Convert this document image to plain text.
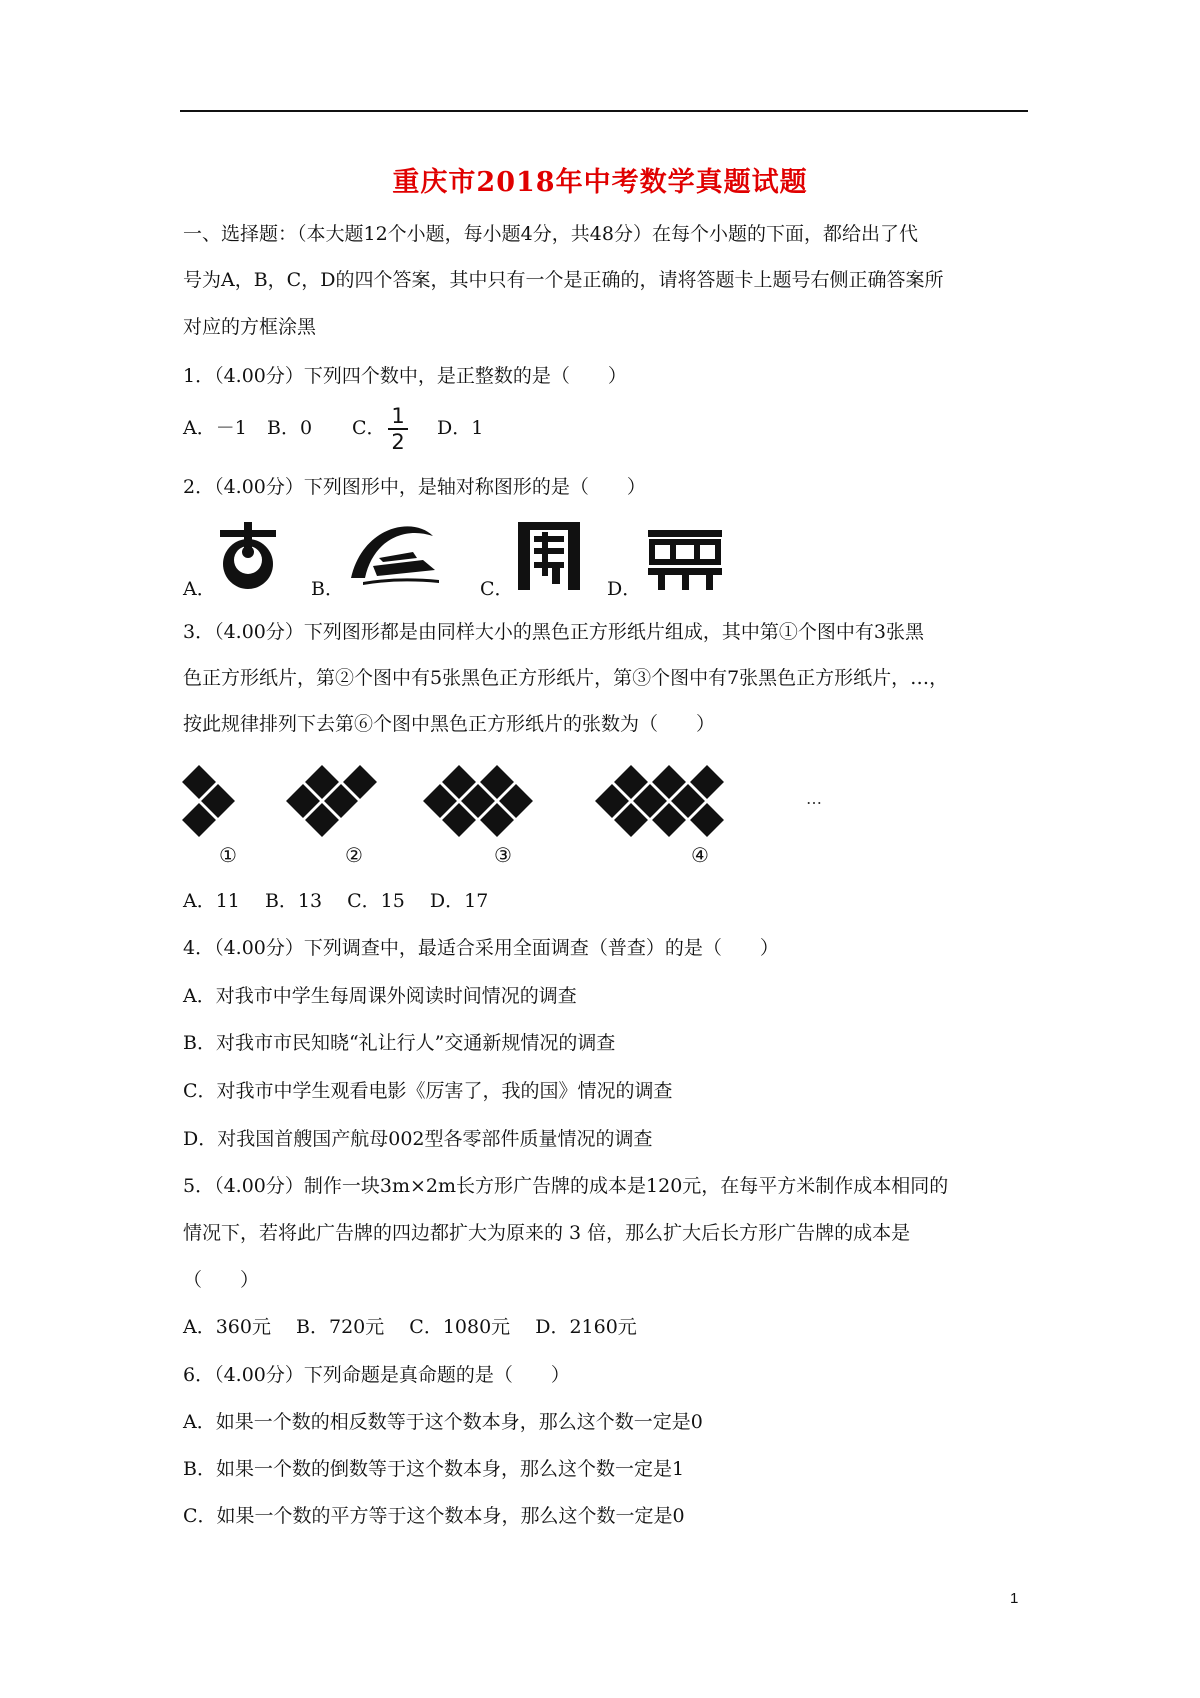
重庆市2018年中考数学真题试题
一、选择题：（本大题12个小题，每小题4分，共48分）在每个小题的下面，都给出了代
号为A，B，C，D的四个答案，其中只有一个是正确的，请将答题卡上题号右侧正确答案所
对应的方框涂黑
1．（4.00分）下列四个数中，是正整数的是（　　）
A．－1 B．0 C． 1
2
D．1
2．（4.00分）下列图形中，是轴对称图形的是（　　）
A．	B．	C．	D．
3．（4.00分）下列图形都是由同样大小的黑色正方形纸片组成，其中第①个图中有3张黑
色正方形纸片，第②个图中有5张黑色正方形纸片，第③个图中有7张黑色正方形纸片，…，
按此规律排列下去第⑥个图中黑色正方形纸片的张数为（　　）
…
①	②	③	④
A．11　 B．13　 C．15　 D．17
4．（4.00分）下列调查中，最适合采用全面调查（普查）的是（　　）
A．对我市中学生每周课外阅读时间情况的调查
B．对我市市民知晓“礼让行人”交通新规情况的调查
C．对我市中学生观看电影《厉害了，我的国》情况的调查
D．对我国首艘国产航母002型各零部件质量情况的调查
5．（4.00分）制作一块3m×2m长方形广告牌的成本是120元，在每平方米制作成本相同的
情况下，若将此广告牌的四边都扩大为原来的 3 倍，那么扩大后长方形广告牌的成本是
（　　）
A．360元　 B．720元　 C．1080元　 D．2160元
6．（4.00分）下列命题是真命题的是（　　）
A．如果一个数的相反数等于这个数本身，那么这个数一定是0
B．如果一个数的倒数等于这个数本身，那么这个数一定是1
C．如果一个数的平方等于这个数本身，那么这个数一定是0
1
